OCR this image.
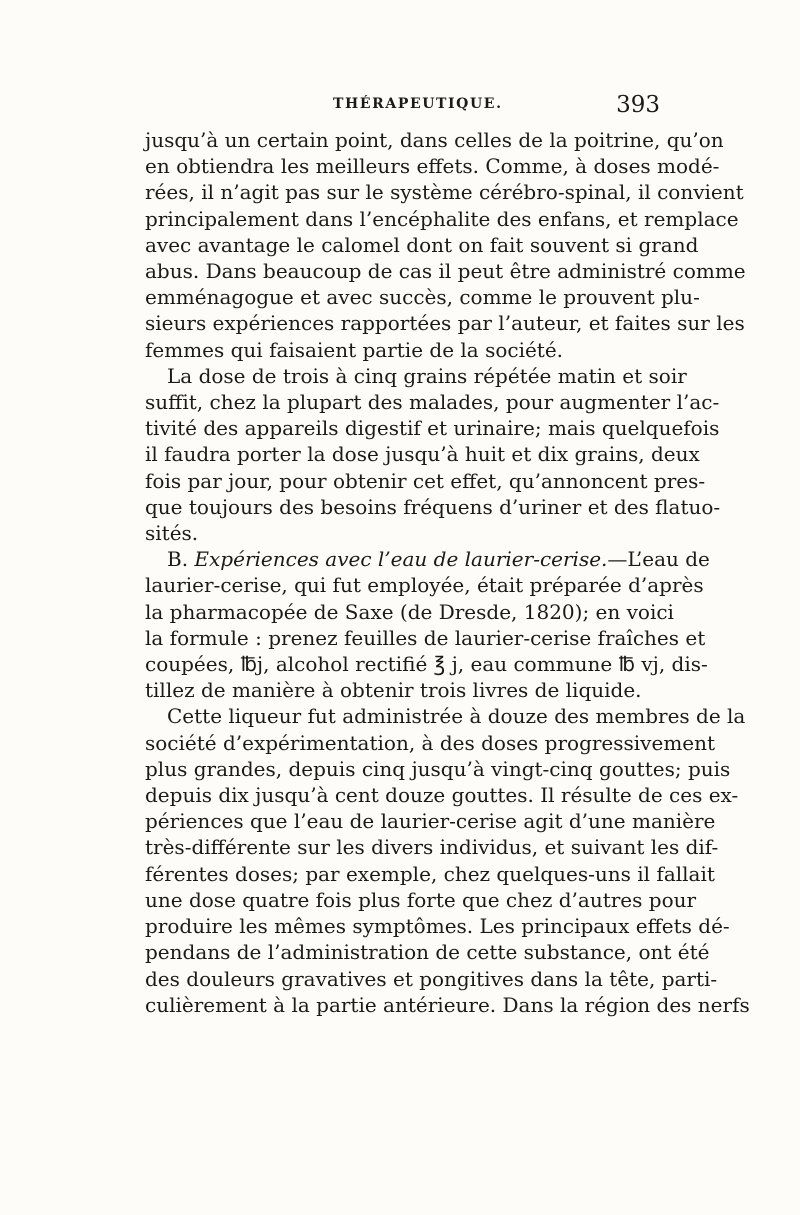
THÉRAPEUTIQUE.	393
jusqu’à un certain point, dans celles de la poitrine, qu’on
en obtiendra les meilleurs effets. Comme, à doses modé-
rées, il n’agit pas sur le système cérébro-spinal, il convient
principalement dans l’encéphalite des enfans, et remplace
avec avantage le calomel dont on fait souvent si grand
abus. Dans beaucoup de cas il peut être administré comme
emménagogue et avec succès, comme le prouvent plu-
sieurs expériences rapportées par l’auteur, et faites sur les
femmes qui faisaient partie de la société.
La dose de trois à cinq grains répétée matin et soir
suffit, chez la plupart des malades, pour augmenter l’ac-
tivité des appareils digestif et urinaire; mais quelquefois
il faudra porter la dose jusqu’à huit et dix grains, deux
fois par jour, pour obtenir cet effet, qu’annoncent pres-
que toujours des besoins fréquens d’uriner et des flatuo-
sités.
B. Expériences avec l’eau de laurier-cerise.—L’eau de
laurier-cerise, qui fut employée, était préparée d’après
la pharmacopée de Saxe (de Dresde, 1820); en voici
la formule : prenez feuilles de laurier-cerise fraîches et
coupées, ℔j, alcohol rectifié ℥ j, eau commune ℔ vj, dis-
tillez de manière à obtenir trois livres de liquide.
Cette liqueur fut administrée à douze des membres de la
société d’expérimentation, à des doses progressivement
plus grandes, depuis cinq jusqu’à vingt-cinq gouttes; puis
depuis dix jusqu’à cent douze gouttes. Il résulte de ces ex-
périences que l’eau de laurier-cerise agit d’une manière
très-différente sur les divers individus, et suivant les dif-
férentes doses; par exemple, chez quelques-uns il fallait
une dose quatre fois plus forte que chez d’autres pour
produire les mêmes symptômes. Les principaux effets dé-
pendans de l’administration de cette substance, ont été
des douleurs gravatives et pongitives dans la tête, parti-
culièrement à la partie antérieure. Dans la région des nerfs
